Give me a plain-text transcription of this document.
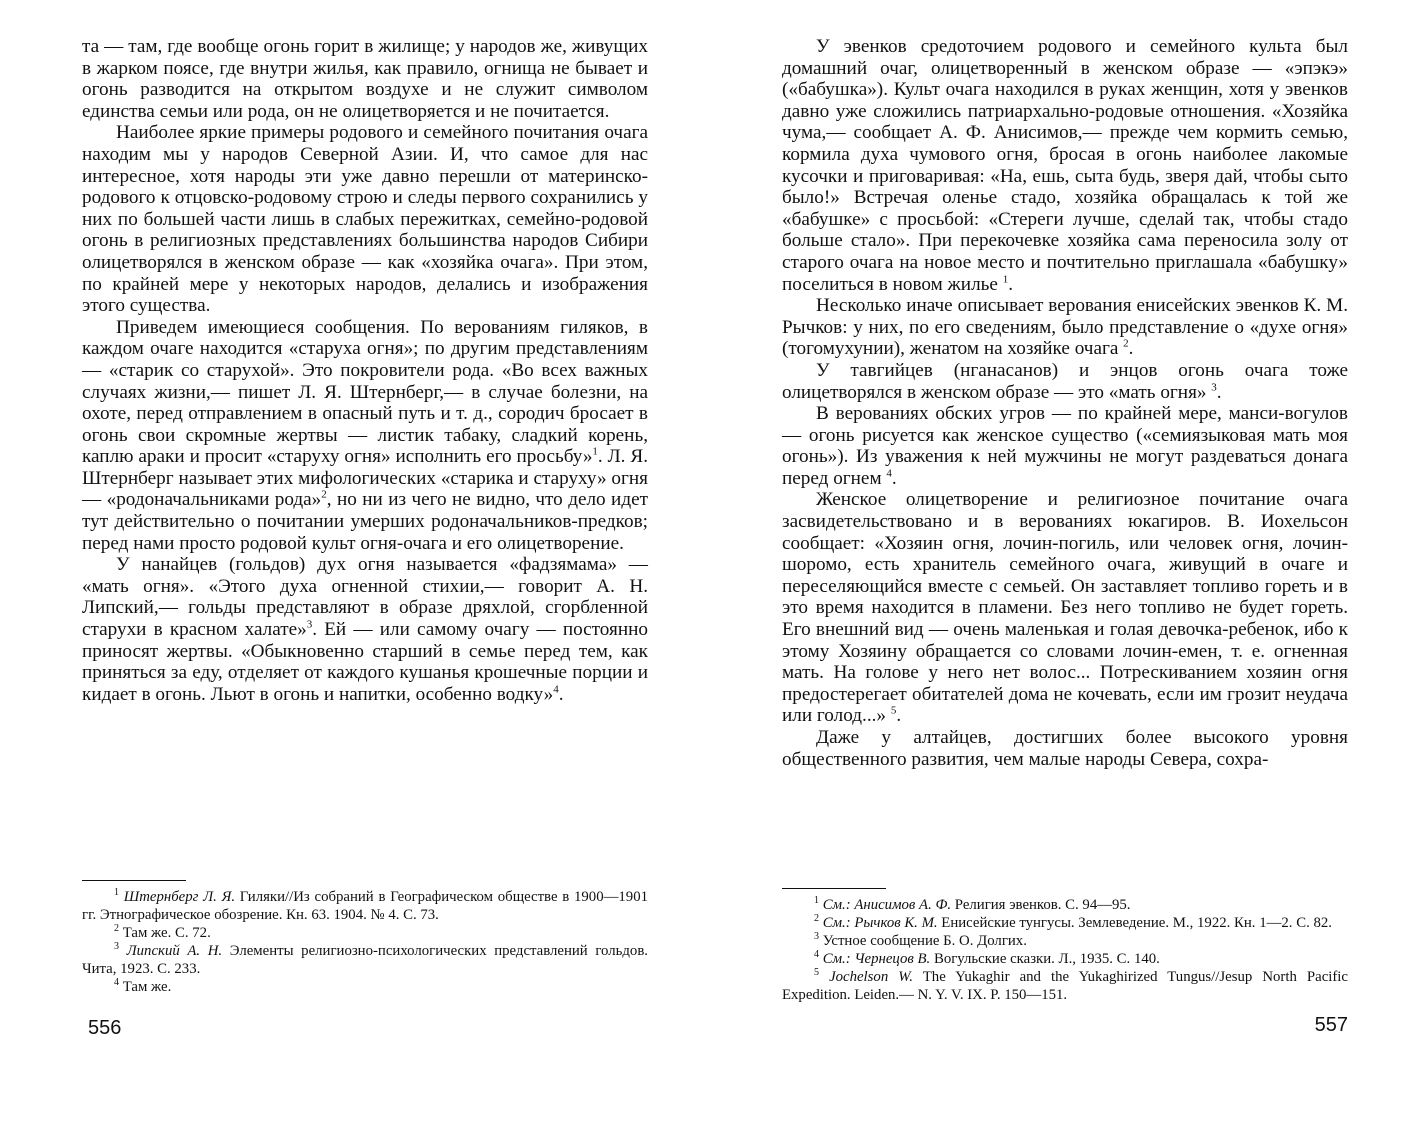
та — там, где вообще огонь горит в жилище; у народов же, живущих в жарком поясе, где внутри жилья, как правило, огнища не бывает и огонь разводится на открытом воздухе и не служит символом единства семьи или рода, он не олицетворяется и не почитается.

Наиболее яркие примеры родового и семейного почитания очага находим мы у народов Северной Азии. И, что самое для нас интересное, хотя народы эти уже давно перешли от материнско-родового к отцовско-родовому строю и следы первого сохранились у них по большей части лишь в слабых пережитках, семейно-родовой огонь в религиозных представлениях большинства народов Сибири олицетворялся в женском образе — как «хозяйка очага». При этом, по крайней мере у некоторых народов, делались и изображения этого существа.

Приведем имеющиеся сообщения. По верованиям гиляков, в каждом очаге находится «старуха огня»; по другим представлениям — «старик со старухой». Это покровители рода. «Во всех важных случаях жизни,— пишет Л. Я. Штернберг,— в случае болезни, на охоте, перед отправлением в опасный путь и т. д., сородич бросает в огонь свои скромные жертвы — листик табаку, сладкий корень, каплю араки и просит «старуху огня» исполнить его просьбу»$^1$. Л. Я. Штернберг называет этих мифологических «старика и старуху» огня — «родоначальниками рода»$^2$, но ни из чего не видно, что дело идет тут действительно о почитании умерших родоначальников-предков; перед нами просто родовой культ огня-очага и его олицетворение.

У нанайцев (гольдов) дух огня называется «фадзямама» — «мать огня». «Этого духа огненной стихии,— говорит А. Н. Липский,— гольды представляют в образе дряхлой, сгорбленной старухи в красном халате»$^3$. Ей — или самому очагу — постоянно приносят жертвы. «Обыкновенно старший в семье перед тем, как приняться за еду, отделяет от каждого кушанья крошечные порции и кидает в огонь. Льют в огонь и напитки, особенно водку»$^4$.

$^1$ Штернберг Л. Я. Гиляки//Из собраний в Географическом обществе в 1900—1901 гг. Этнографическое обозрение. Кн. 63. 1904. № 4. С. 73.

$^2$ Там же. С. 72.

$^3$ Липский А. Н. Элементы религиозно-психологических представлений гольдов. Чита, 1923. С. 233.

$^4$ Там же.

556

У эвенков средоточием родового и семейного культа был домашний очаг, олицетворенный в женском образе — «эпэкэ» («бабушка»). Культ очага находился в руках женщин, хотя у эвенков давно уже сложились патриархально-родовые отношения. «Хозяйка чума,— сообщает А. Ф. Анисимов,— прежде чем кормить семью, кормила духа чумового огня, бросая в огонь наиболее лакомые кусочки и приговаривая: «На, ешь, сыта будь, зверя дай, чтобы сыто было!» Встречая оленье стадо, хозяйка обращалась к той же «бабушке» с просьбой: «Стереги лучше, сделай так, чтобы стадо больше стало». При перекочевке хозяйка сама переносила золу от старого очага на новое место и почтительно приглашала «бабушку» поселиться в новом жилье $^1$.

Несколько иначе описывает верования енисейских эвенков К. М. Рычков: у них, по его сведениям, было представление о «духе огня» (тогомухунии), женатом на хозяйке очага $^2$.

У тавгийцев (нганасанов) и энцов огонь очага тоже олицетворялся в женском образе — это «мать огня» $^3$.

В верованиях обских угров — по крайней мере, манси-вогулов — огонь рисуется как женское существо («семиязыковая мать моя огонь»). Из уважения к ней мужчины не могут раздеваться донага перед огнем $^4$.

Женское олицетворение и религиозное почитание очага засвидетельствовано и в верованиях юкагиров. В. Иохельсон сообщает: «Хозяин огня, лочин-погиль, или человек огня, лочин-шоромо, есть хранитель семейного очага, живущий в очаге и переселяющийся вместе с семьей. Он заставляет топливо гореть и в это время находится в пламени. Без него топливо не будет гореть. Его внешний вид — очень маленькая и голая девочка-ребенок, ибо к этому Хозяину обращается со словами лочин-емен, т. е. огненная мать. На голове у него нет волос... Потрескиванием хозяин огня предостерегает обитателей дома не кочевать, если им грозит неудача или голод...» $^5$.

Даже у алтайцев, достигших более высокого уровня общественного развития, чем малые народы Севера, сохра-

$^1$ См.: Анисимов А. Ф. Религия эвенков. С. 94—95.

$^2$ См.: Рычков К. М. Енисейские тунгусы. Землеведение. М., 1922. Кн. 1—2. С. 82.

$^3$ Устное сообщение Б. О. Долгих.

$^4$ См.: Чернецов В. Вогульские сказки. Л., 1935. С. 140.

$^5$ Jochelson W. The Yukaghir and the Yukaghirized Tungus//Jesup North Pacific Expedition. Leiden.— N. Y. V. IX. P. 150—151.

557
